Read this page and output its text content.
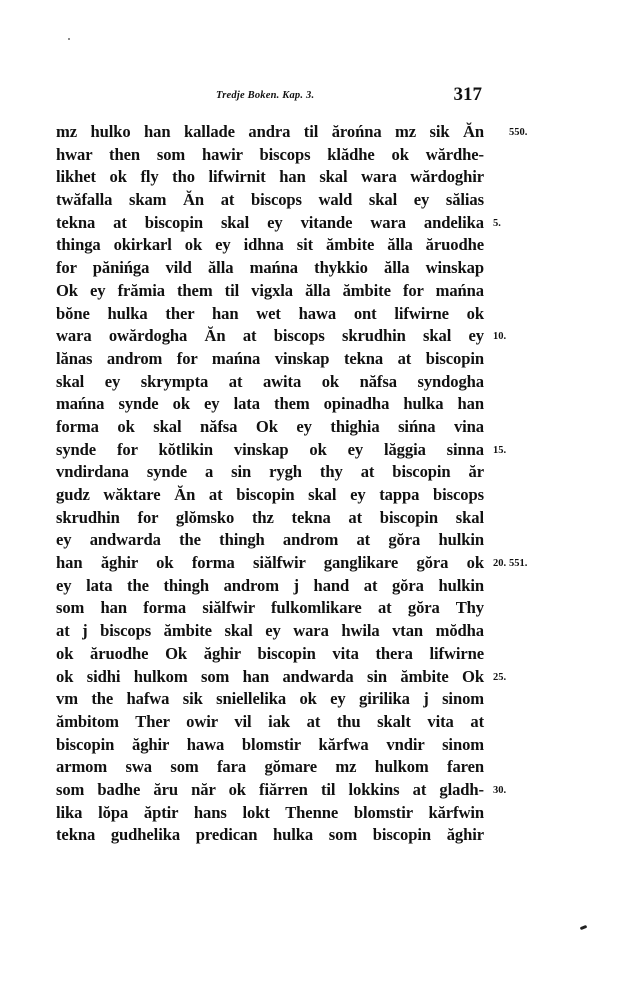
Tredje Boken. Kap. 3.	317
mz hulko han kallade andra til ărońna mz sik Ăn 550.
hwar then som hawir biscops klădhe ok wărdhe-
likhet ok fly tho lifwirnit han skal wara wărdoghir
twăfalla skam Ăn at biscops wald skal ey sălias
tekna at biscopin skal ey vitande wara andelika 5.
thinga okirkarl ok ey idhna sit ămbite ălla ăruodhe
for pănińga vild ălla mańna thykkio ălla winskap
Ok ey frămia them til vigxla ălla ămbite for mańna
bŏne hulka ther han wet hawa ont lifwirne ok
wara owărdogha Ăn at biscops skrudhin skal ey 10.
lănas androm for mańna vinskap tekna at biscopin
skal ey skrympta at awita ok năfsa syndogha
mańna synde ok ey lata them opinadha hulka han
forma ok skal năfsa Ok ey thighia sińna vina
synde for kŏtlikin vinskap ok ey lăggia sinna 15.
vndirdana synde a sin rygh thy at biscopin ăr
gudz wăktare Ăn at biscopin skal ey tappa biscops
skrudhin for glŏmsko thz tekna at biscopin skal
ey andwarda the thingh androm at gŏra hulkin
han ăghir ok forma siălfwir ganglikare gŏra ok 20. 551.
ey lata the thingh androm j hand at gŏra hulkin
som han forma siălfwir fulkomlikare at gŏra Thy
at j biscops ămbite skal ey wara hwila vtan mŏdha
ok ăruodhe Ok ăghir biscopin vita thera lifwirne
ok sidhi hulkom som han andwarda sin ămbite Ok 25.
vm the hafwa sik sniellelika ok ey girilika j sinom
ămbitom Ther owir vil iak at thu skalt vita at
biscopin ăghir hawa blomstir kărfwa vndir sinom
armom swa som fara gŏmare mz hulkom faren
som badhe ăru năr ok fiărren til lokkins at gladh- 30.
lika lŏpa ăptir hans lokt Thenne blomstir kărfwin
tekna gudhelika predican hulka som biscopin ăghir
